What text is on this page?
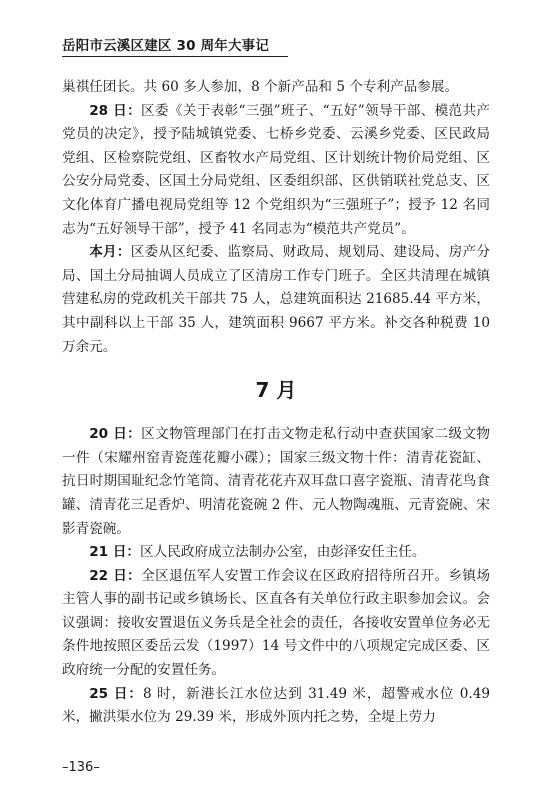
岳阳市云溪区建区 30 周年大事记

巢祺任团长。共 60 多人参加，8 个新产品和 5 个专利产品参展。

28 日：区委《关于表彰“三强”班子、“五好”领导干部、模范共产党员的决定》，授予陆城镇党委、七桥乡党委、云溪乡党委、区民政局党组、区检察院党组、区畜牧水产局党组、区计划统计物价局党组、区公安分局党委、区国土分局党组、区委组织部、区供销联社党总支、区文化体育广播电视局党组等 12 个党组织为“三强班子”；授予 12 名同志为“五好领导干部”，授予 41 名同志为“模范共产党员”。

本月：区委从区纪委、监察局、财政局、规划局、建设局、房产分局、国土分局抽调人员成立了区清房工作专门班子。全区共清理在城镇营建私房的党政机关干部共 75 人，总建筑面积达 21685.44 平方米，其中副科以上干部 35 人，建筑面积 9667 平方米。补交各种税费 10 万余元。

7 月

20 日：区文物管理部门在打击文物走私行动中查获国家二级文物一件（宋耀州窑青瓷莲花瓣小碟）；国家三级文物十件：清青花瓷缸、抗日时期国耻纪念竹笔筒、清青花花卉双耳盘口喜字瓷瓶、清青花鸟食罐、清青花三足香炉、明清花瓷碗 2 件、元人物陶魂瓶、元青瓷碗、宋影青瓷碗。

21 日：区人民政府成立法制办公室，由彭泽安任主任。

22 日：全区退伍军人安置工作会议在区政府招待所召开。乡镇场主管人事的副书记或乡镇场长、区直各有关单位行政主职参加会议。会议强调：接收安置退伍义务兵是全社会的责任，各接收安置单位务必无条件地按照区委岳云发（1997）14 号文件中的八项规定完成区委、区政府统一分配的安置任务。

25 日：8 时，新港长江水位达到 31.49 米，超警戒水位 0.49 米，撇洪渠水位为 29.39 米，形成外顶内托之势，全堤上劳力

–136–
